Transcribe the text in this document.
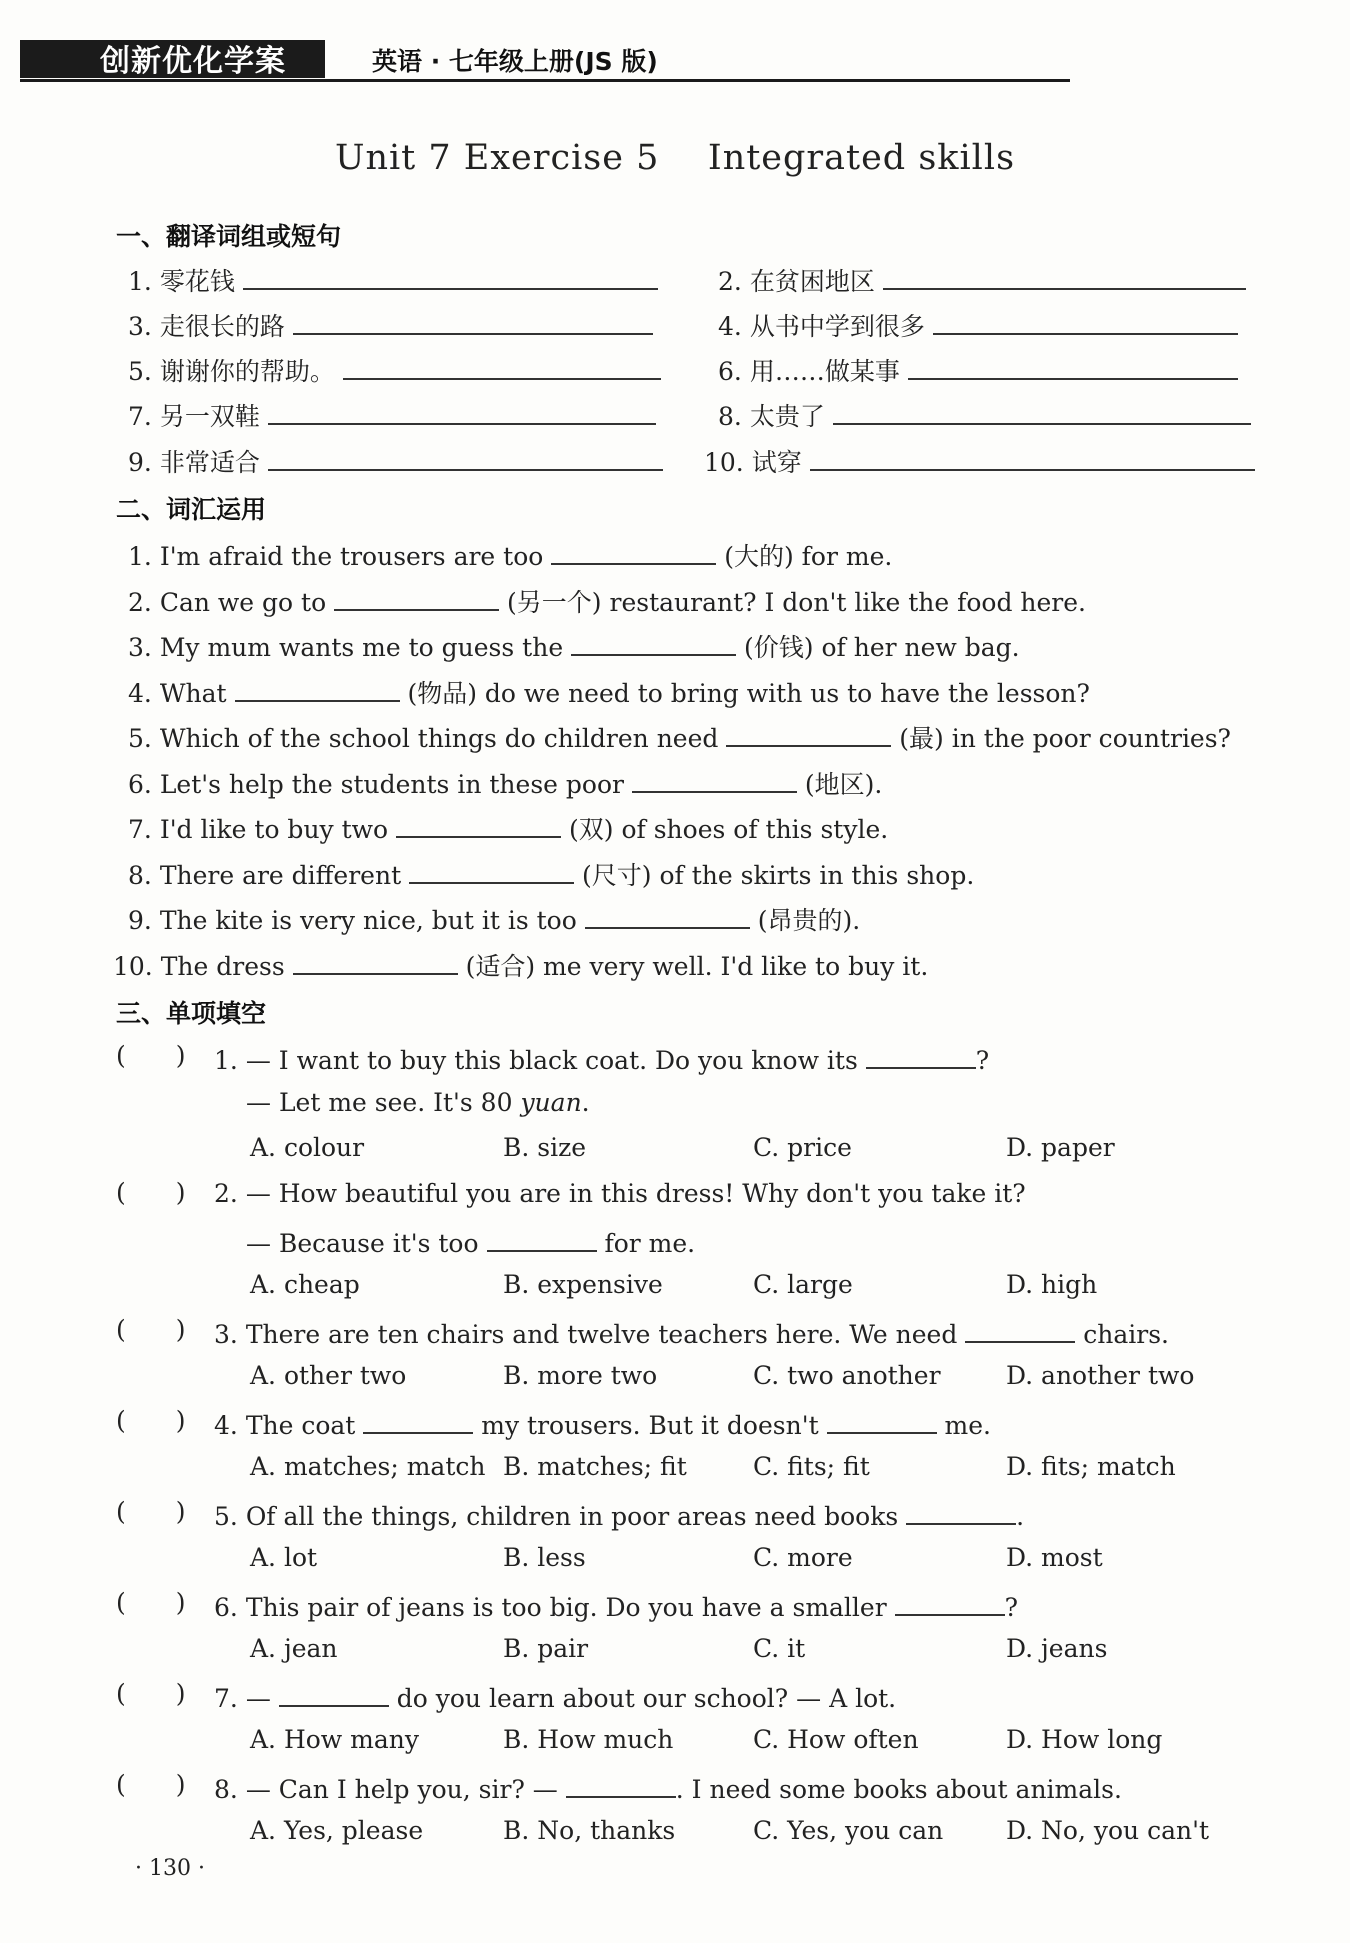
创新优化学案	英语 · 七年级上册(JS 版)
Unit 7 Exercise 5    Integrated skills
一、翻译词组或短句
1. 零花钱	2. 在贫困地区
3. 走很长的路	4. 从书中学到很多
5. 谢谢你的帮助。	6. 用……做某事
7. 另一双鞋	8. 太贵了
9. 非常适合	10. 试穿
二、词汇运用
1. I'm afraid the trousers are too	(大的) for me.
2. Can we go to	(另一个) restaurant? I don't like the food here.
3. My mum wants me to guess the	(价钱) of her new bag.
4. What	(物品) do we need to bring with us to have the lesson?
5. Which of the school things do children need	(最) in the poor countries?
6. Let's help the students in these poor	(地区).
7. I'd like to buy two	(双) of shoes of this style.
8. There are different	(尺寸) of the skirts in this shop.
9. The kite is very nice, but it is too	(昂贵的).
10. The dress	(适合) me very well. I'd like to buy it.
三、单项填空
( ) 1. — I want to buy this black coat. Do you know its	?
— Let me see. It's 80 yuan.
A. colour	B. size	C. price	D. paper
( ) 2. — How beautiful you are in this dress! Why don't you take it?
— Because it's too	for me.
A. cheap	B. expensive	C. large	D. high
( ) 3. There are ten chairs and twelve teachers here. We need	chairs.
A. other two	B. more two	C. two another	D. another two
( ) 4. The coat	my trousers. But it doesn't	me.
A. matches; match B. matches; fit	C. fits; fit	D. fits; match
( ) 5. Of all the things, children in poor areas need books	.
A. lot	B. less	C. more	D. most
( ) 6. This pair of jeans is too big. Do you have a smaller	?
A. jean	B. pair	C. it	D. jeans
( ) 7. —	do you learn about our school? — A lot.
A. How many	B. How much	C. How often	D. How long
( ) 8. — Can I help you, sir? —	. I need some books about animals.
A. Yes, please	B. No, thanks	C. Yes, you can	D. No, you can't
· 130 ·
